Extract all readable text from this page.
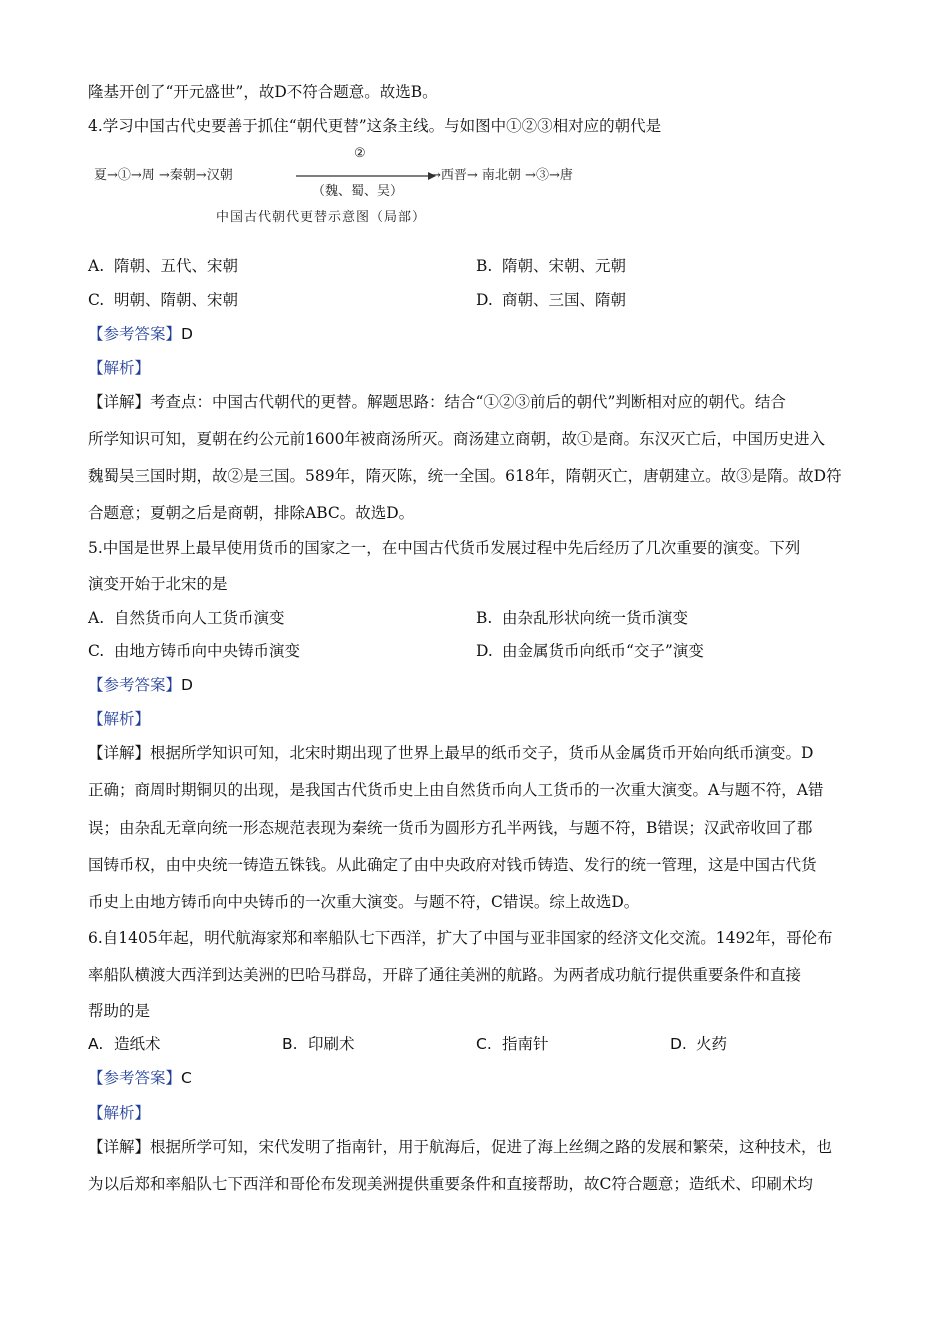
隆基开创了“开元盛世”，故D不符合题意。故选B。
4.学习中国古代史要善于抓住“朝代更替”这条主线。与如图中①②③相对应的朝代是
夏→①→周 →秦朝→汉朝
②
→西晋→ 南北朝 →③→唐
（魏、蜀、吴）
中国古代朝代更替示意图（局部）
A. 隋朝、五代、宋朝	B. 隋朝、宋朝、元朝
C. 明朝、隋朝、宋朝	D. 商朝、三国、隋朝
【参考答案】D
【解析】
【详解】考查点：中国古代朝代的更替。解题思路：结合“①②③前后的朝代”判断相对应的朝代。结合
所学知识可知，夏朝在约公元前1600年被商汤所灭。商汤建立商朝，故①是商。东汉灭亡后，中国历史进入
魏蜀吴三国时期，故②是三国。589年，隋灭陈，统一全国。618年，隋朝灭亡，唐朝建立。故③是隋。故D符
合题意；夏朝之后是商朝，排除ABC。故选D。
5.中国是世界上最早使用货币的国家之一，在中国古代货币发展过程中先后经历了几次重要的演变。下列
演变开始于北宋的是
A. 自然货币向人工货币演变	B. 由杂乱形状向统一货币演变
C. 由地方铸币向中央铸币演变	D. 由金属货币向纸币“交子”演变
【参考答案】D
【解析】
【详解】根据所学知识可知，北宋时期出现了世界上最早的纸币交子，货币从金属货币开始向纸币演变。D
正确；商周时期铜贝的出现，是我国古代货币史上由自然货币向人工货币的一次重大演变。A与题不符，A错
误；由杂乱无章向统一形态规范表现为秦统一货币为圆形方孔半两钱，与题不符，B错误；汉武帝收回了郡
国铸币权，由中央统一铸造五铢钱。从此确定了由中央政府对钱币铸造、发行的统一管理，这是中国古代货
币史上由地方铸币向中央铸币的一次重大演变。与题不符，C错误。综上故选D。
6.自1405年起，明代航海家郑和率船队七下西洋，扩大了中国与亚非国家的经济文化交流。1492年，哥伦布
率船队横渡大西洋到达美洲的巴哈马群岛，开辟了通往美洲的航路。为两者成功航行提供重要条件和直接
帮助的是
A. 造纸术	B. 印刷术	C. 指南针	D. 火药
【参考答案】C
【解析】
【详解】根据所学可知，宋代发明了指南针，用于航海后，促进了海上丝绸之路的发展和繁荣，这种技术，也
为以后郑和率船队七下西洋和哥伦布发现美洲提供重要条件和直接帮助，故C符合题意；造纸术、印刷术均
